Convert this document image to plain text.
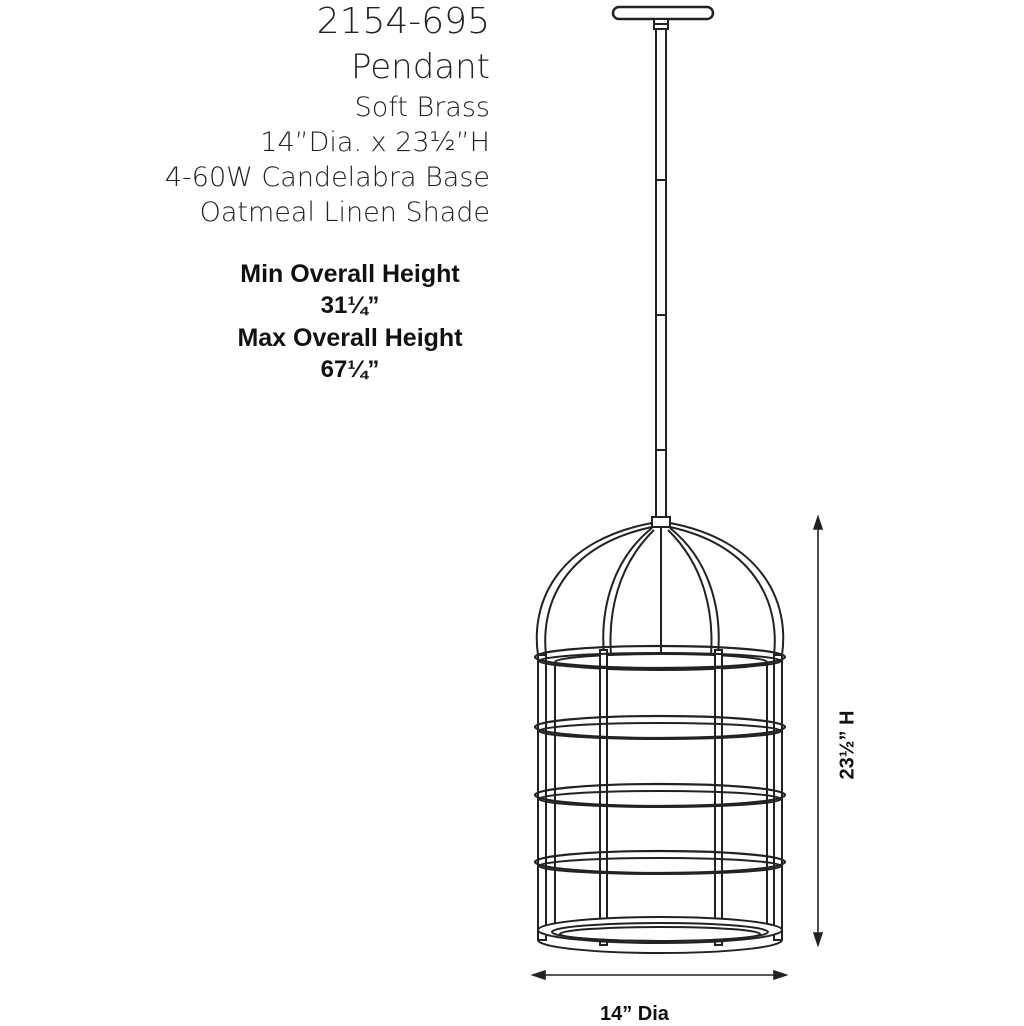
2154-695
Pendant
Soft Brass
14”Dia. x 23½”H
4-60W Candelabra Base
Oatmeal Linen Shade
Min Overall Height
31¼”
Max Overall Height
67¼”
23½” H
14” Dia
